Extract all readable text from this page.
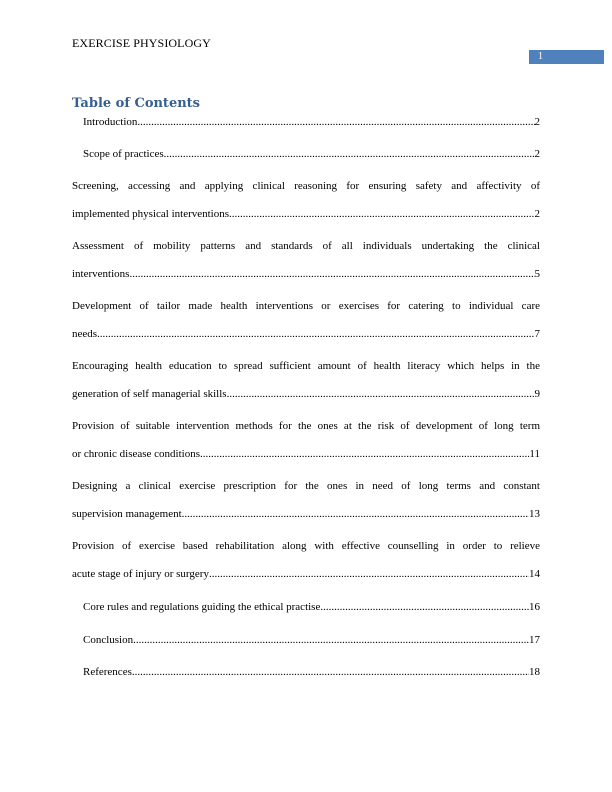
EXERCISE PHYSIOLOGY
1
Table of Contents
Introduction .....	2
Scope of practices .....	2
Screening, accessing and applying clinical reasoning for ensuring safety and affectivity of
implemented physical interventions .....	2
Assessment of mobility patterns and standards of all individuals undertaking the clinical
interventions .....	5
Development of tailor made health interventions or exercises for catering to individual care
needs .....	7
Encouraging health education to spread sufficient amount of health literacy which helps in the
generation of self managerial skills .....	9
Provision of suitable intervention methods for the ones at the risk of development of long term
or chronic disease conditions .....	11
Designing a clinical exercise prescription for the ones in need of long terms and constant
supervision management .....	13
Provision of exercise based rehabilitation along with effective counselling in order to relieve
acute stage of injury or surgery .....	14
Core rules and regulations guiding the ethical practise .....	16
Conclusion .....	17
References .....	18
